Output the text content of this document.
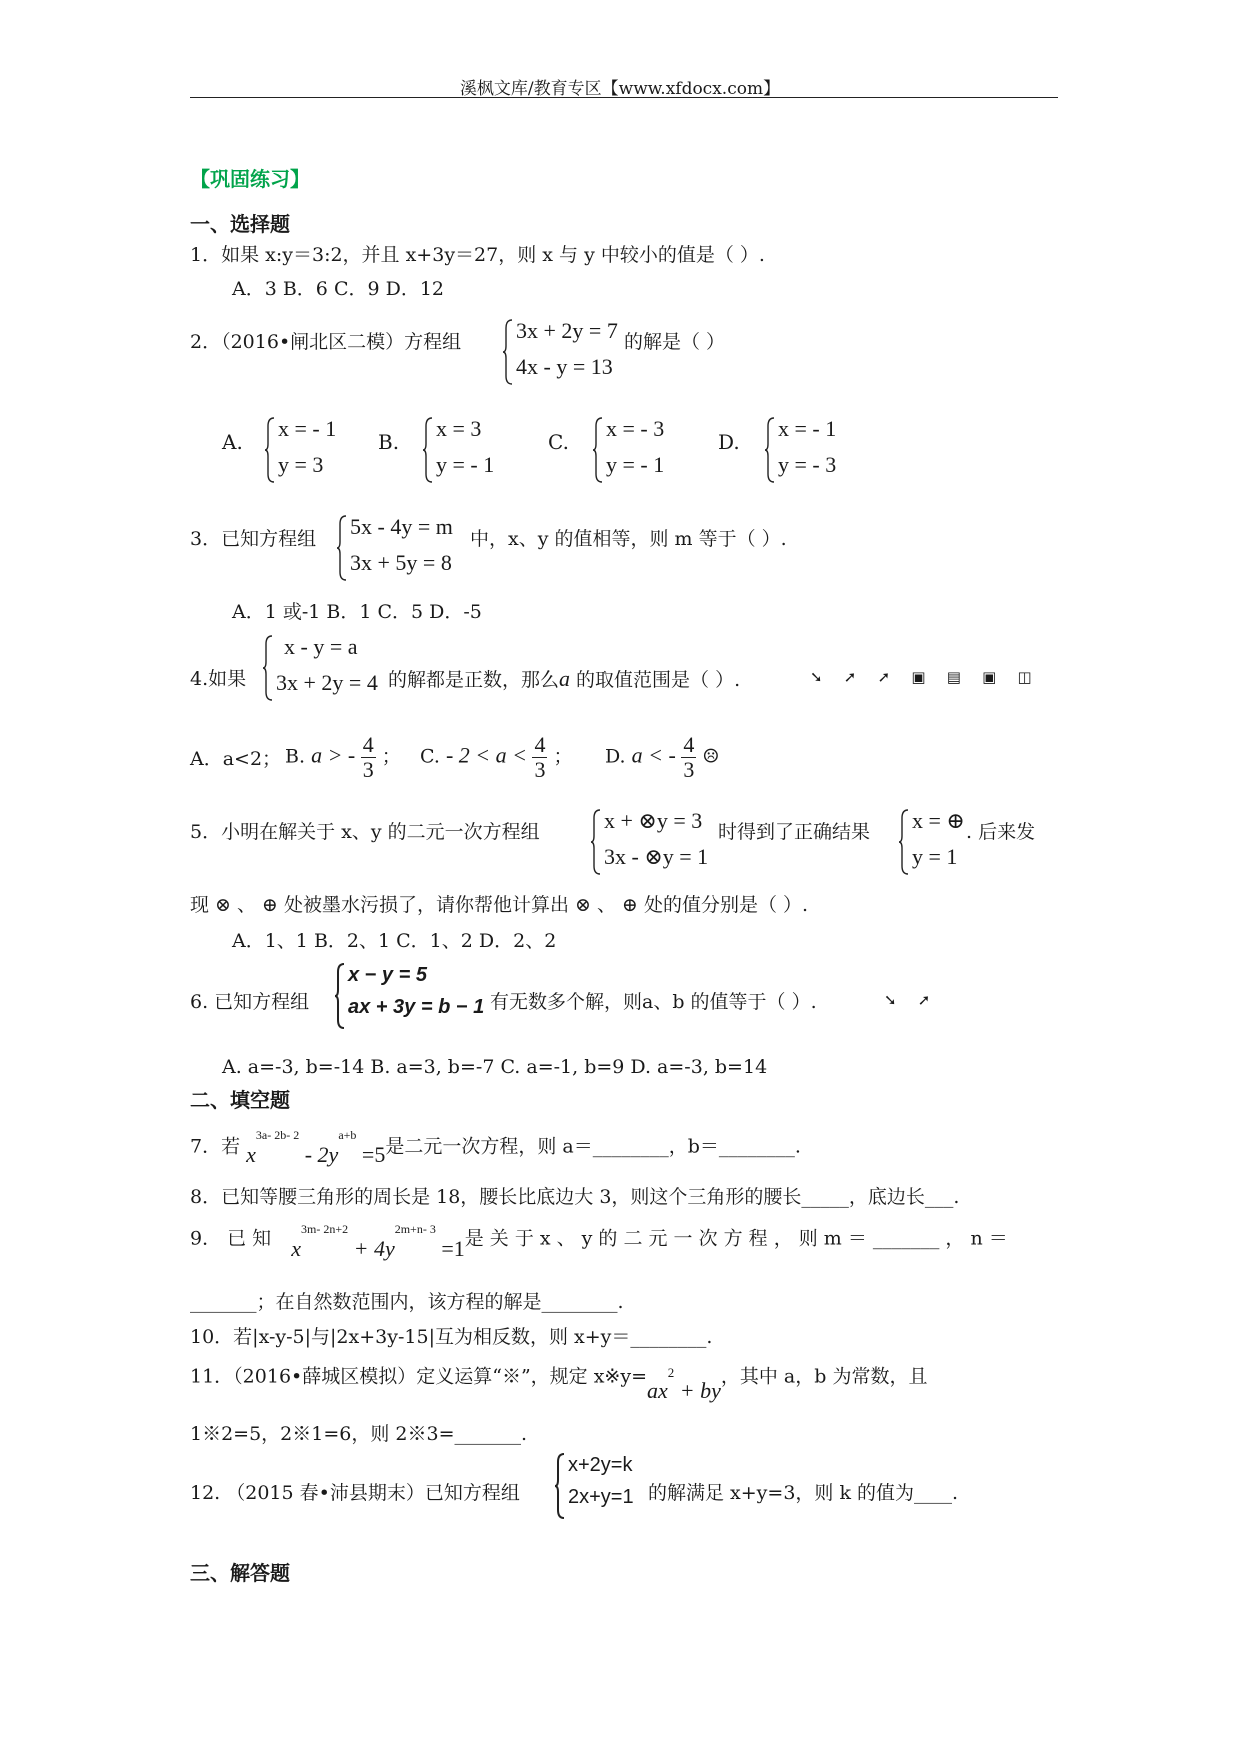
溪枫文库/教育专区【www.xfdocx.com】
【巩固练习】
一、选择题
1．如果 x:y＝3:2，并且 x+3y＝27，则 x 与 y 中较小的值是（ ）.
A．3 B．6 C．9 D．12
2．（2016•闸北区二模）方程组 3x + 2y = 7
4x - y = 13
的解是（ ）
A.
x = - 1
y = 3
B.
x = 3
y = - 1
C.
x = - 3
y = - 1
D.
x = - 1
y = - 3
3．已知方程组 5x - 4y = m
3x + 5y = 8
中，x、y 的值相等，则 m 等于（ ）.
A．1 或-1 B．1 C．5 D．-5
4.如果
x - y = a
3x + 2y = 4 的解都是正数，那么a 的取值范围是（ ）.	➘ ➚ ➚ ▣ ▤ ▣ ◫
A．a<2； B. a > - $\frac{4}{3}$ ； C. - $2 < a < \frac{4}{3}$ ； D. a < - $\frac{4}{3}$ ☹
5．小明在解关于 x、y 的二元一次方程组	x + ⊗y = 3
3x - ⊗y = 1
时得到了正确结果 x = ⊕
y = 1
. 后来发
现 ⊗ 、 ⊕ 处被墨水污损了，请你帮他计算出 ⊗ 、 ⊕ 处的值分别是（ ）.
A．1、1 B．2、1 C．1、2 D．2、2
6. 已知方程组
x − y = 5
ax + 3y = b − 1 有无数多个解，则a、b 的值等于（ ）.	➘ ➚
A. a=-3, b=-14 B. a=3, b=-7 C. a=-1, b=9 D. a=-3, b=14
二、填空题
7．若 $x^{3a- 2b- 2} - 2y^{a+b} =5$是二元一次方程，则 a＝________，b＝________.
8．已知等腰三角形的周长是 18，腰长比底边大 3，则这个三角形的腰长_____，底边长___.
9． 已 知 $x^{3m- 2n+2} + 4y^{2m+n- 3} =1$是 关 于 x 、 y 的 二 元 一 次 方 程 ， 则 m ＝ _______ ， n ＝
_______；在自然数范围内，该方程的解是________.
10．若|x-y-5|与|2x+3y-15|互为相反数，则 x+y＝________.
11．（2016•薛城区模拟）定义运算“※”，规定 $x※y=ax^2$ + by，其中 a，b 为常数，且
1※2=5，2※1=6，则 2※3=_______.
12. （2015 春•沛县期末）已知方程组
x+2y=k
2x+y=1 的解满足 x+y=3，则 k 的值为____.
三、解答题
